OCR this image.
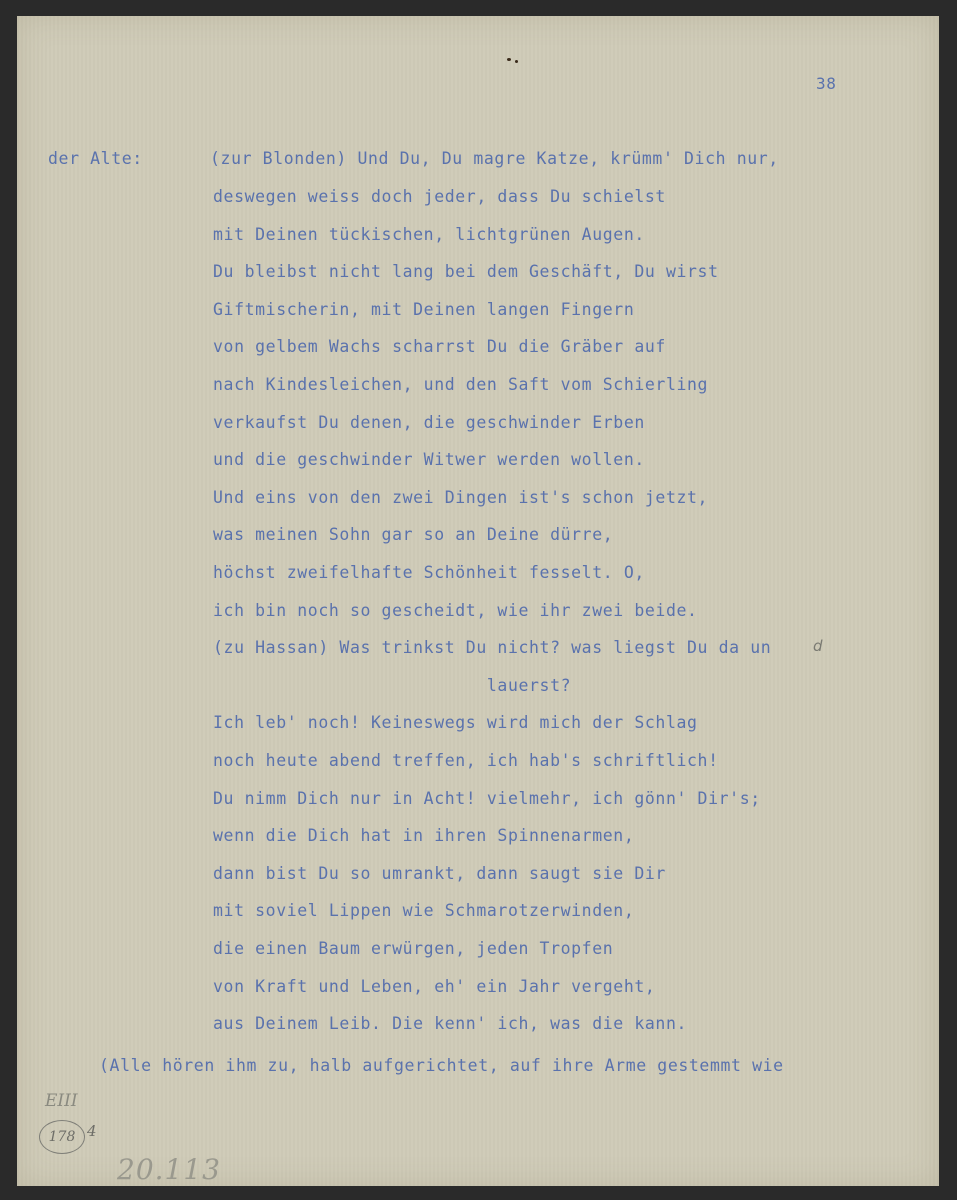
38
der Alte:	(zur Blonden) Und Du, Du magre Katze, krümm' Dich nur,
deswegen weiss doch jeder, dass Du schielst
mit Deinen tückischen, lichtgrünen Augen.
Du bleibst nicht lang bei dem Geschäft, Du wirst
Giftmischerin, mit Deinen langen Fingern
von gelbem Wachs scharrst Du die Gräber auf
nach Kindesleichen, und den Saft vom Schierling
verkaufst Du denen, die geschwinder Erben
und die geschwinder Witwer werden wollen.
Und eins von den zwei Dingen ist's schon jetzt,
was meinen Sohn gar so an Deine dürre,
höchst zweifelhafte Schönheit fesselt. O,
ich bin noch so gescheidt, wie ihr zwei beide.
(zu Hassan) Was trinkst Du nicht? was liegst Du da un
lauerst?
Ich leb' noch! Keineswegs wird mich der Schlag
noch heute abend treffen, ich hab's schriftlich!
Du nimm Dich nur in Acht! vielmehr, ich gönn' Dir's;
wenn die Dich hat in ihren Spinnenarmen,
dann bist Du so umrankt, dann saugt sie Dir
mit soviel Lippen wie Schmarotzerwinden,
die einen Baum erwürgen, jeden Tropfen
von Kraft und Leben, eh' ein Jahr vergeht,
aus Deinem Leib. Die kenn' ich, was die kann.
d
(Alle hören ihm zu, halb aufgerichtet, auf ihre Arme gestemmt wie
EIII
178 4
20.113
